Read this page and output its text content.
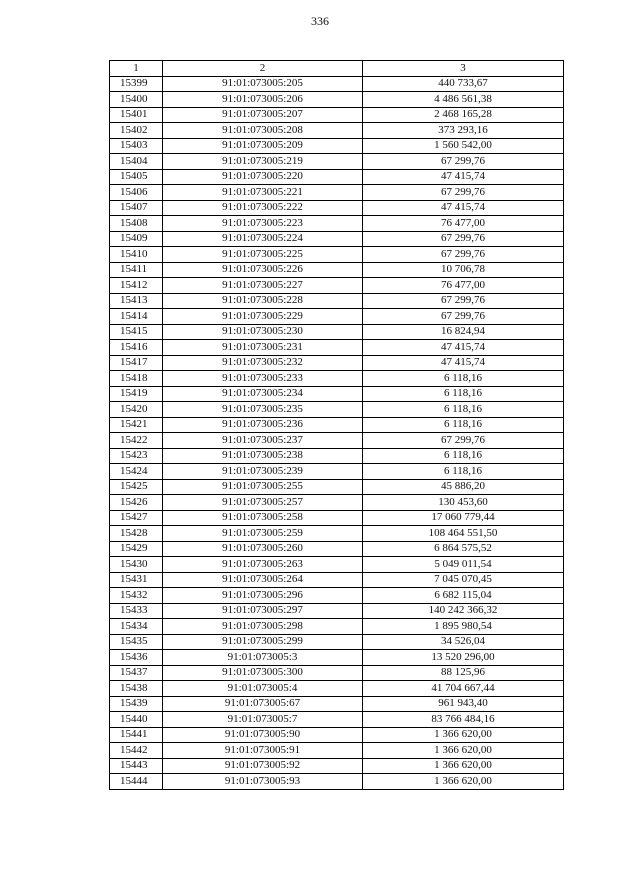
336
1	2	3
15399	91:01:073005:205	440 733,67
15400	91:01:073005:206	4 486 561,38
15401	91:01:073005:207	2 468 165,28
15402	91:01:073005:208	373 293,16
15403	91:01:073005:209	1 560 542,00
15404	91:01:073005:219	67 299,76
15405	91:01:073005:220	47 415,74
15406	91:01:073005:221	67 299,76
15407	91:01:073005:222	47 415,74
15408	91:01:073005:223	76 477,00
15409	91:01:073005:224	67 299,76
15410	91:01:073005:225	67 299,76
15411	91:01:073005:226	10 706,78
15412	91:01:073005:227	76 477,00
15413	91:01:073005:228	67 299,76
15414	91:01:073005:229	67 299,76
15415	91:01:073005:230	16 824,94
15416	91:01:073005:231	47 415,74
15417	91:01:073005:232	47 415,74
15418	91:01:073005:233	6 118,16
15419	91:01:073005:234	6 118,16
15420	91:01:073005:235	6 118,16
15421	91:01:073005:236	6 118,16
15422	91:01:073005:237	67 299,76
15423	91:01:073005:238	6 118,16
15424	91:01:073005:239	6 118,16
15425	91:01:073005:255	45 886,20
15426	91:01:073005:257	130 453,60
15427	91:01:073005:258	17 060 779,44
15428	91:01:073005:259	108 464 551,50
15429	91:01:073005:260	6 864 575,52
15430	91:01:073005:263	5 049 011,54
15431	91:01:073005:264	7 045 070,45
15432	91:01:073005:296	6 682 115,04
15433	91:01:073005:297	140 242 366,32
15434	91:01:073005:298	1 895 980,54
15435	91:01:073005:299	34 526,04
15436	91:01:073005:3	13 520 296,00
15437	91:01:073005:300	88 125,96
15438	91:01:073005:4	41 704 667,44
15439	91:01:073005:67	961 943,40
15440	91:01:073005:7	83 766 484,16
15441	91:01:073005:90	1 366 620,00
15442	91:01:073005:91	1 366 620,00
15443	91:01:073005:92	1 366 620,00
15444	91:01:073005:93	1 366 620,00
